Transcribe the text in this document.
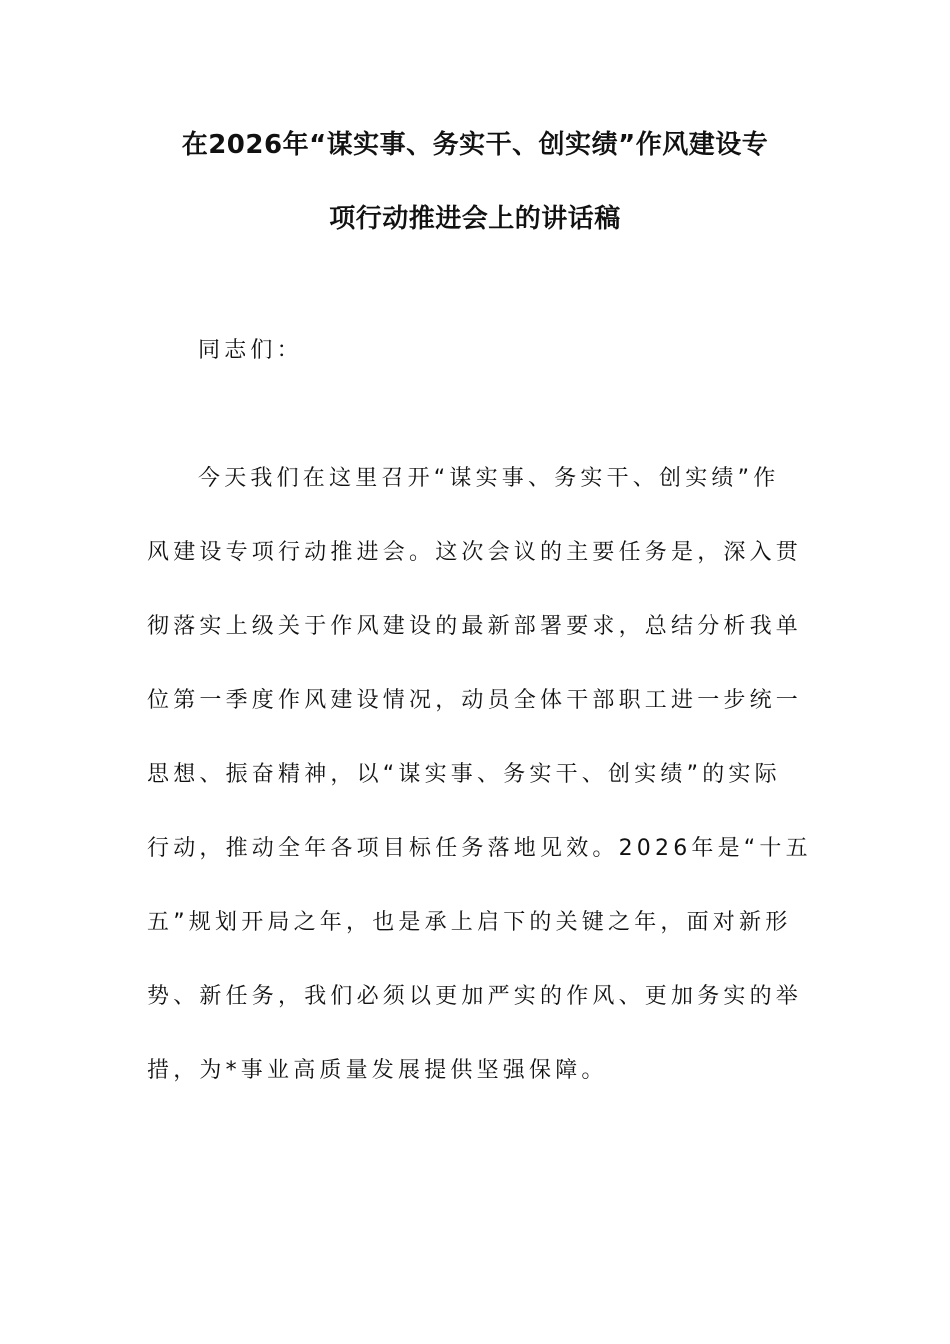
在2026年“谋实事、务实干、创实绩”作风建设专
项行动推进会上的讲话稿
同志们：
今天我们在这里召开“谋实事、务实干、创实绩”作
风建设专项行动推进会。这次会议的主要任务是，深入贯
彻落实上级关于作风建设的最新部署要求，总结分析我单
位第一季度作风建设情况，动员全体干部职工进一步统一
思想、振奋精神，以“谋实事、务实干、创实绩”的实际
行动，推动全年各项目标任务落地见效。2026年是“十五
五”规划开局之年，也是承上启下的关键之年，面对新形
势、新任务，我们必须以更加严实的作风、更加务实的举
措，为*事业高质量发展提供坚强保障。
